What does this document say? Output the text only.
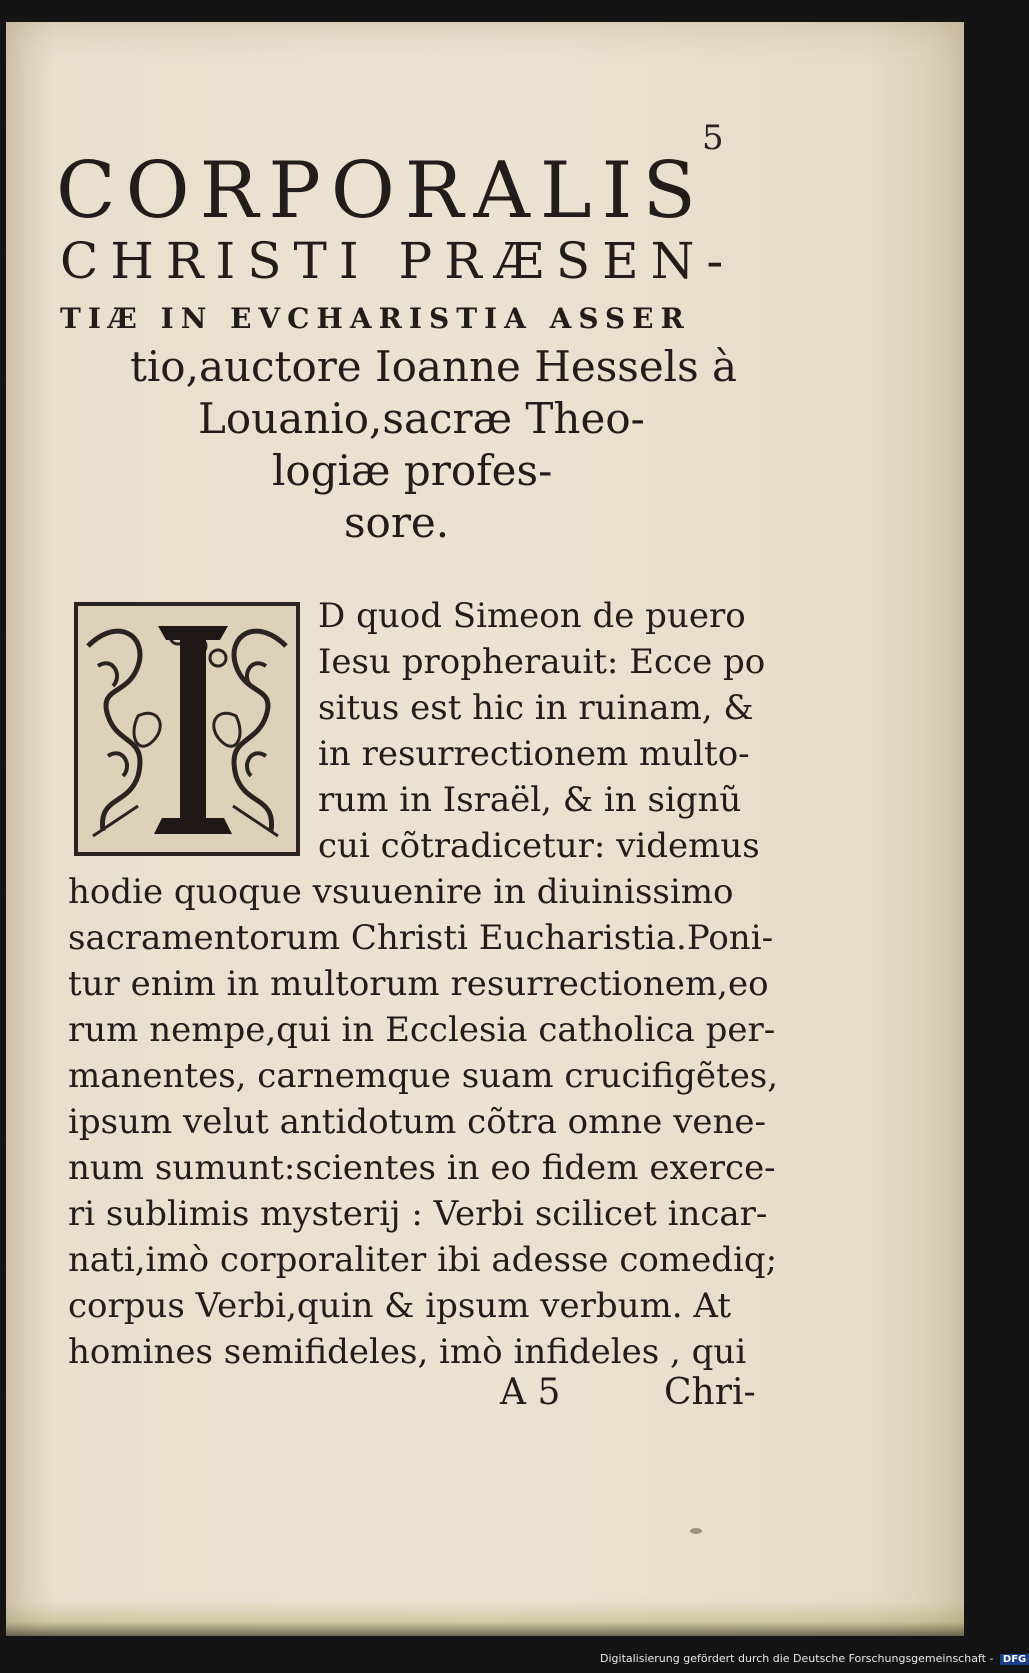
5
CORPORALIS
CHRISTI PRÆSEN-
TIÆ IN EVCHARISTIA ASSER
tio,auctore Ioanne Hessels à
Louanio,sacræ Theo-
logiæ profes-
sore.
D quod Simeon de puero
Iesu propherauit: Ecce po
situs est hic in ruinam, &
in resurrectionem multo-
rum in Israël, & in signũ
cui cõtradicetur: videmus
hodie quoque vsuuenire in diuinissimo
sacramentorum Christi Eucharistia.Poni-
tur enim in multorum resurrectionem,eo
rum nempe,qui in Ecclesia catholica per-
manentes, carnemque suam crucifigẽtes,
ipsum velut antidotum cõtra omne vene-
num sumunt:scientes in eo fidem exerce-
ri sublimis mysterij : Verbi scilicet incar-
nati,imò corporaliter ibi adesse comediq;
corpus Verbi,quin & ipsum verbum. At
homines semifideles, imò infideles , qui
A 5	Chri-
Digitalisierung gefördert durch die Deutsche Forschungsgemeinschaft - DFG
